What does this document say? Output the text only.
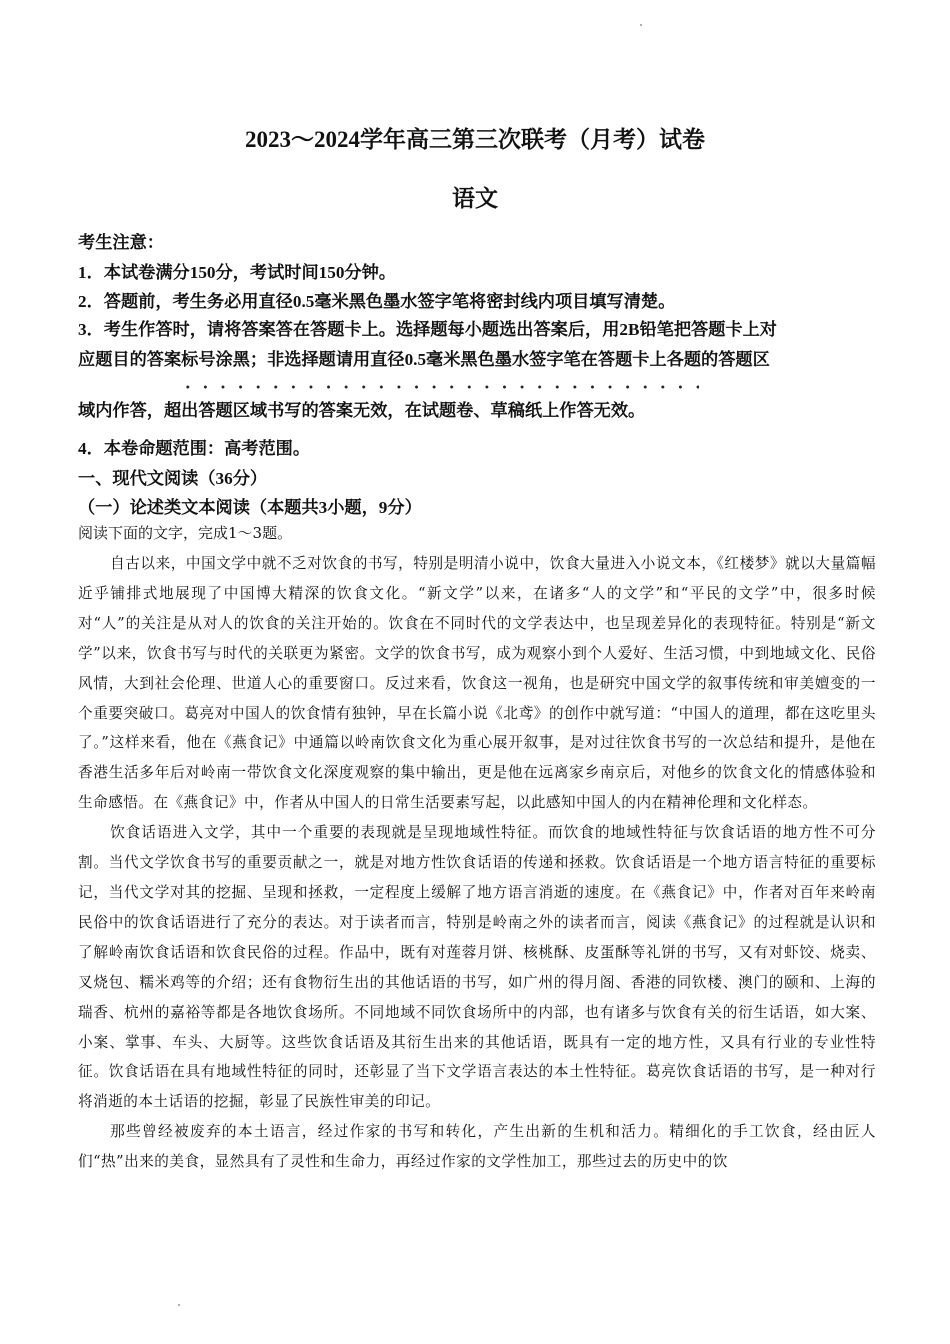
2023～2024学年高三第三次联考（月考）试卷
语文
考生注意：
1．本试卷满分150分，考试时间150分钟。
2．答题前，考生务必用直径0.5毫米黑色墨水签字笔将密封线内项目填写清楚。
3．考生作答时，请将答案答在答题卡上。选择题每小题选出答案后，用2B铅笔把答题卡上对
应题目的答案标号涂黑；非选择题请用直径0.5毫米黑色墨水签字笔在答题卡上各题的答题区
域内作答，超出答题区域书写的答案无效，在试题卷、草稿纸上作答无效。
4．本卷命题范围：高考范围。
一、现代文阅读（36分）
（一）论述类文本阅读（本题共3小题，9分）
阅读下面的文字，完成1～3题。

自古以来，中国文学中就不乏对饮食的书写，特别是明清小说中，饮食大量进入小说文本，《红楼梦》就以大量篇幅近乎铺排式地展现了中国博大精深的饮食文化。“新文学”以来，在诸多“人的文学”和“平民的文学”中，很多时候对“人”的关注是从对人的饮食的关注开始的。饮食在不同时代的文学表达中，也呈现差异化的表现特征。特别是“新文学”以来，饮食书写与时代的关联更为紧密。文学的饮食书写，成为观察小到个人爱好、生活习惯，中到地域文化、民俗风情，大到社会伦理、世道人心的重要窗口。反过来看，饮食这一视角，也是研究中国文学的叙事传统和审美嬗变的一个重要突破口。葛亮对中国人的饮食情有独钟，早在长篇小说《北鸢》的创作中就写道：“中国人的道理，都在这吃里头了。”这样来看，他在《燕食记》中通篇以岭南饮食文化为重心展开叙事，是对过往饮食书写的一次总结和提升，是他在香港生活多年后对岭南一带饮食文化深度观察的集中输出，更是他在远离家乡南京后，对他乡的饮食文化的情感体验和生命感悟。在《燕食记》中，作者从中国人的日常生活要素写起，以此感知中国人的内在精神伦理和文化样态。

饮食话语进入文学，其中一个重要的表现就是呈现地域性特征。而饮食的地域性特征与饮食话语的地方性不可分割。当代文学饮食书写的重要贡献之一，就是对地方性饮食话语的传递和拯救。饮食话语是一个地方语言特征的重要标记，当代文学对其的挖掘、呈现和拯救，一定程度上缓解了地方语言消逝的速度。在《燕食记》中，作者对百年来岭南民俗中的饮食话语进行了充分的表达。对于读者而言，特别是岭南之外的读者而言，阅读《燕食记》的过程就是认识和了解岭南饮食话语和饮食民俗的过程。作品中，既有对莲蓉月饼、核桃酥、皮蛋酥等礼饼的书写，又有对虾饺、烧卖、叉烧包、糯米鸡等的介绍；还有食物衍生出的其他话语的书写，如广州的得月阁、香港的同钦楼、澳门的颐和、上海的瑞香、杭州的嘉裕等都是各地饮食场所。不同地域不同饮食场所中的内部，也有诸多与饮食有关的衍生话语，如大案、小案、掌事、车头、大厨等。这些饮食话语及其衍生出来的其他话语，既具有一定的地方性，又具有行业的专业性特征。饮食话语在具有地域性特征的同时，还彰显了当下文学语言表达的本土性特征。葛亮饮食话语的书写，是一种对行将消逝的本土话语的挖掘，彰显了民族性审美的印记。

那些曾经被废弃的本土语言，经过作家的书写和转化，产生出新的生机和活力。精细化的手工饮食，经由匠人们“热”出来的美食，显然具有了灵性和生命力，再经过作家的文学性加工，那些过去的历史中的饮
